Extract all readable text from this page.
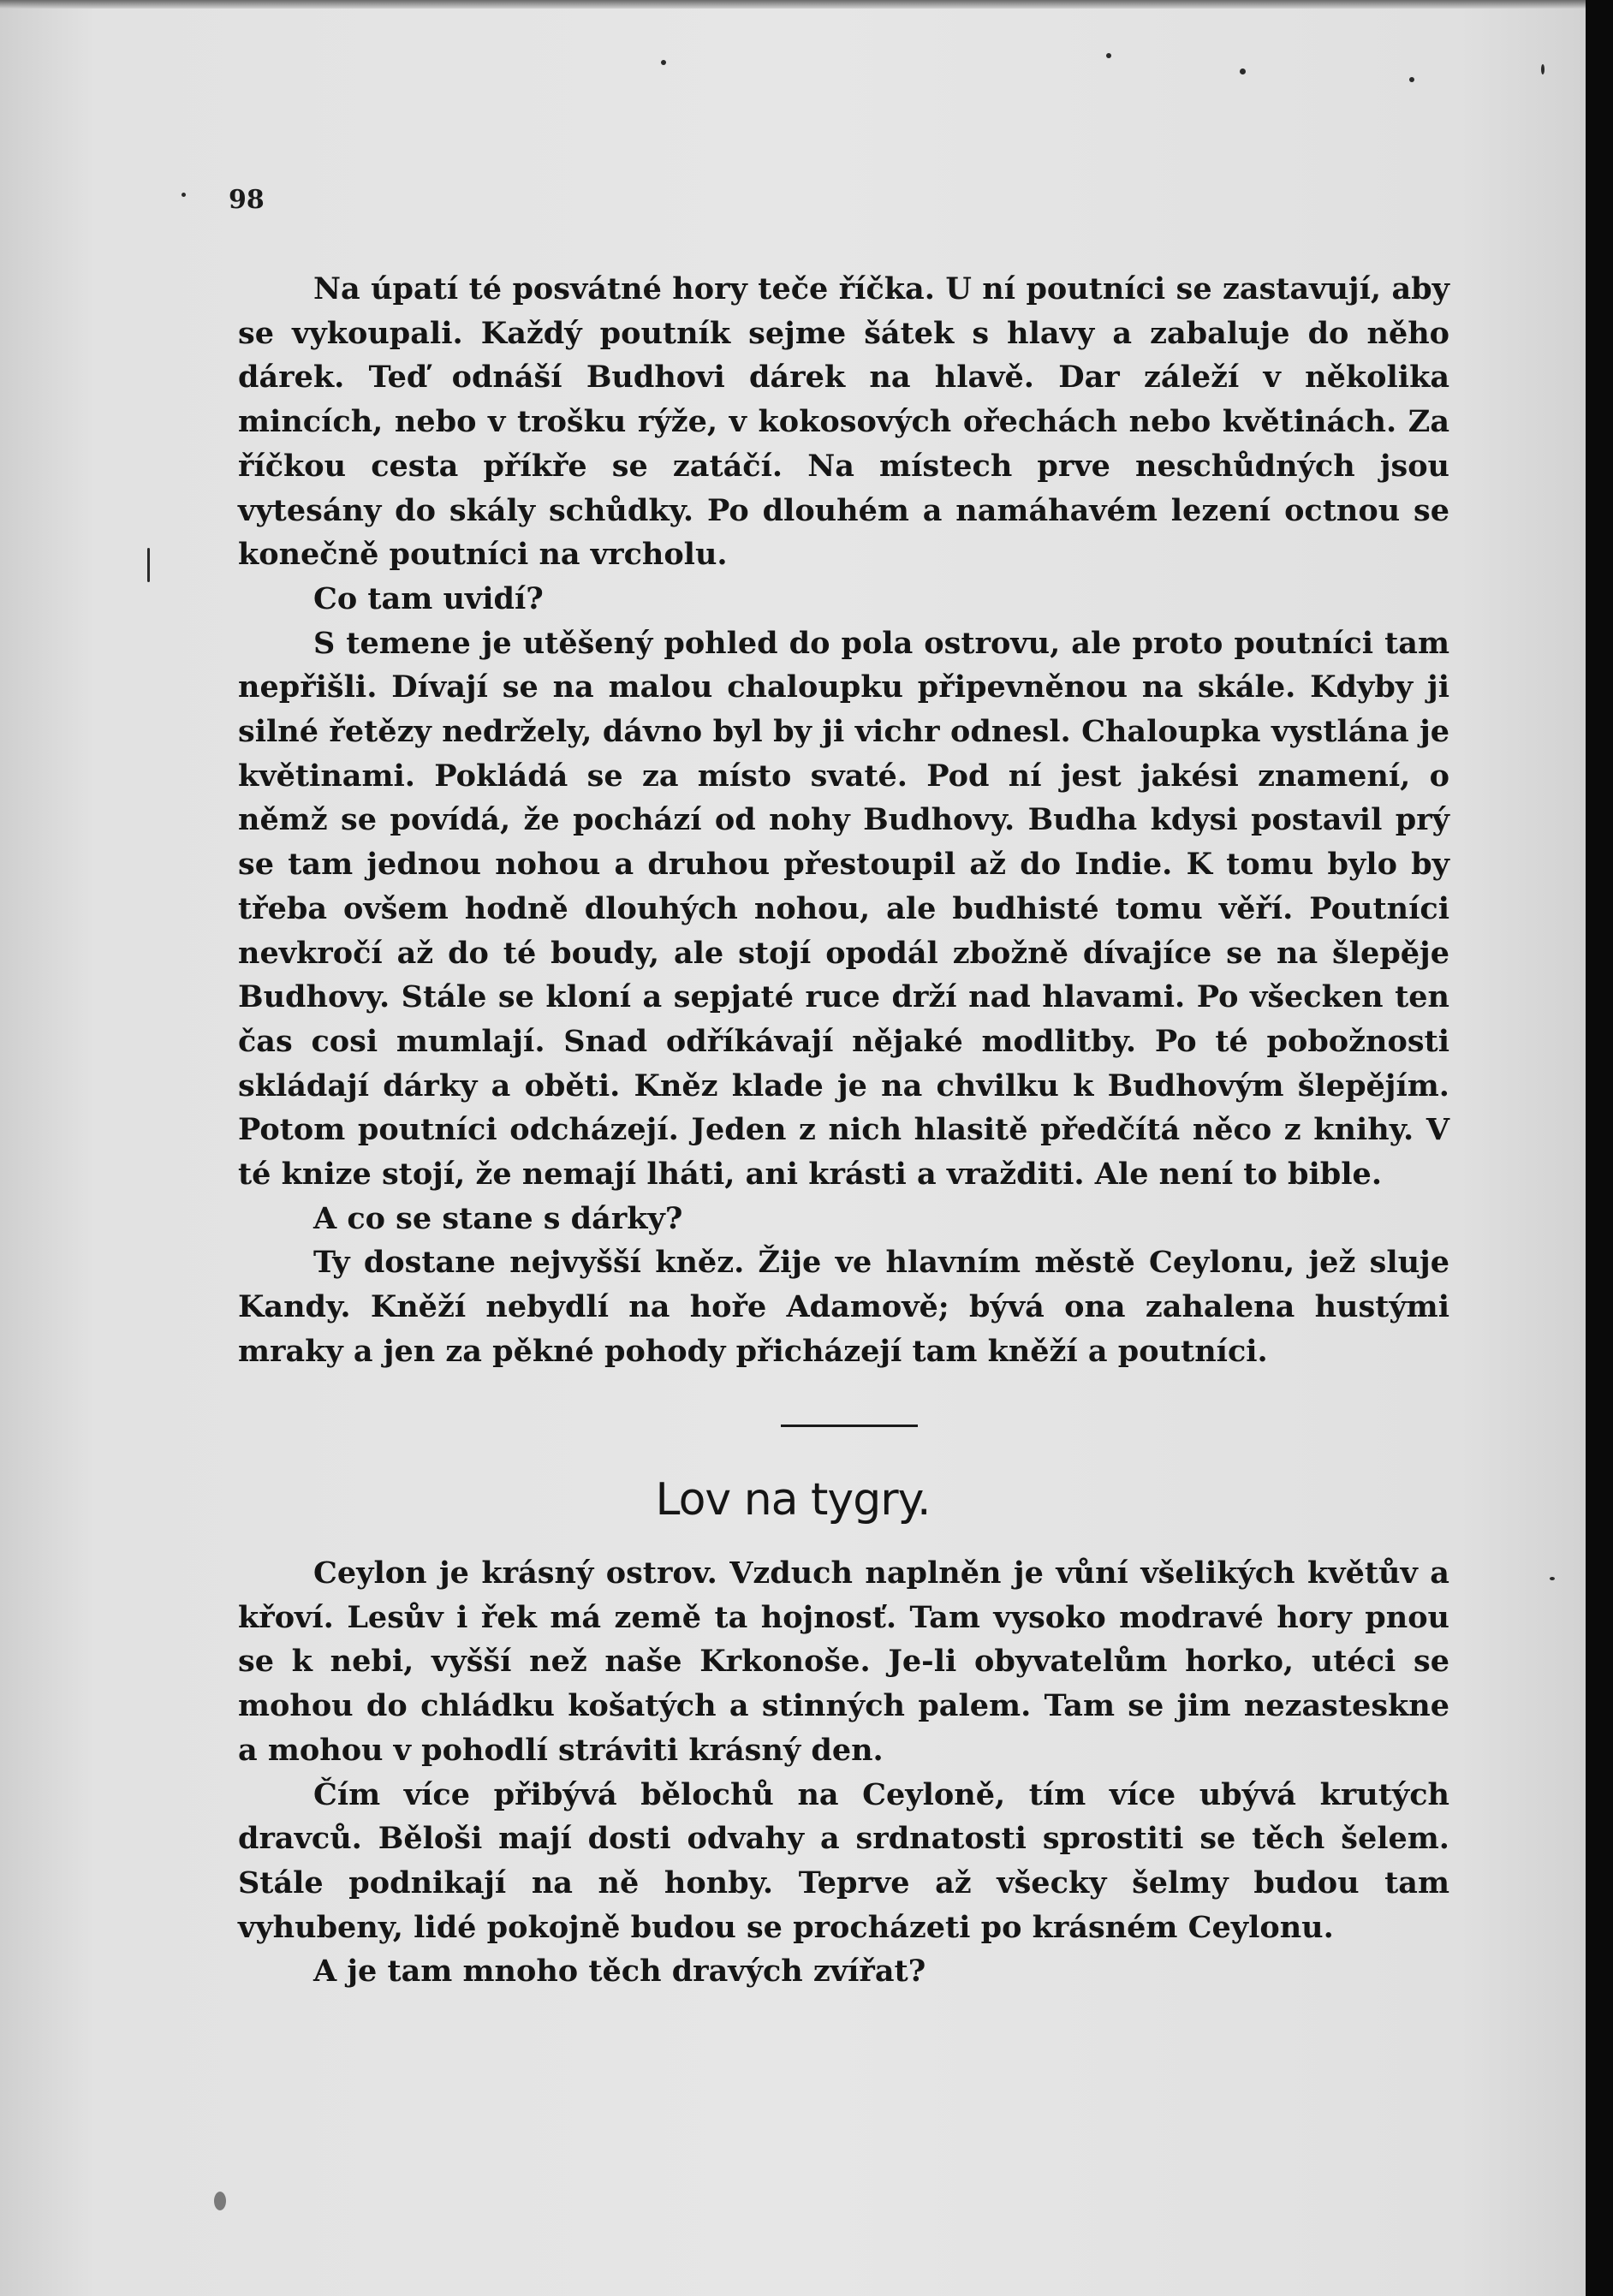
98

Na úpatí té posvátné hory teče říčka. U ní poutníci se zastavují, aby se vykoupali. Každý poutník sejme šátek s hlavy a zabaluje do něho dárek. Teď odnáší Budhovi dárek na hlavě. Dar záleží v několika mincích, nebo v trošku rýže, v kokosových ořechách nebo květinách. Za říčkou cesta příkře se zatáčí. Na místech prve neschůdných jsou vytesány do skály schůdky. Po dlouhém a namáhavém lezení octnou se konečně poutníci na vrcholu.

Co tam uvidí?

S temene je utěšený pohled do pola ostrovu, ale proto poutníci tam nepřišli. Dívají se na malou chaloupku připevněnou na skále. Kdyby ji silné řetězy nedržely, dávno byl by ji vichr odnesl. Chaloupka vystlána je květinami. Pokládá se za místo svaté. Pod ní jest jakési znamení, o němž se povídá, že pochází od nohy Budhovy. Budha kdysi postavil prý se tam jednou nohou a druhou přestoupil až do Indie. K tomu bylo by třeba ovšem hodně dlouhých nohou, ale budhisté tomu věří. Poutníci nevkročí až do té boudy, ale stojí opodál zbožně dívajíce se na šlepěje Budhovy. Stále se kloní a sepjaté ruce drží nad hlavami. Po všecken ten čas cosi mumlají. Snad odříkávají nějaké modlitby. Po té pobožnosti skládají dárky a oběti. Kněz klade je na chvilku k Budhovým šlepějím. Potom poutníci odcházejí. Jeden z nich hlasitě předčítá něco z knihy. V té knize stojí, že nemají lháti, ani krásti a vražditi. Ale není to bible.

A co se stane s dárky?

Ty dostane nejvyšší kněz. Žije ve hlavním městě Ceylonu, jež sluje Kandy. Kněží nebydlí na hoře Adamově; bývá ona zahalena hustými mraky a jen za pěkné pohody přicházejí tam kněží a poutníci.

Lov na tygry.

Ceylon je krásný ostrov. Vzduch naplněn je vůní všelikých květův a křoví. Lesův i řek má země ta hojnosť. Tam vysoko modravé hory pnou se k nebi, vyšší než naše Krkonoše. Je-li obyvatelům horko, utéci se mohou do chládku košatých a stinných palem. Tam se jim nezasteskne a mohou v pohodlí stráviti krásný den.

Čím více přibývá bělochů na Ceyloně, tím více ubývá krutých dravců. Běloši mají dosti odvahy a srdnatosti sprostiti se těch šelem. Stále podnikají na ně honby. Teprve až všecky šelmy budou tam vyhubeny, lidé pokojně budou se procházeti po krásném Ceylonu.

A je tam mnoho těch dravých zvířat?
